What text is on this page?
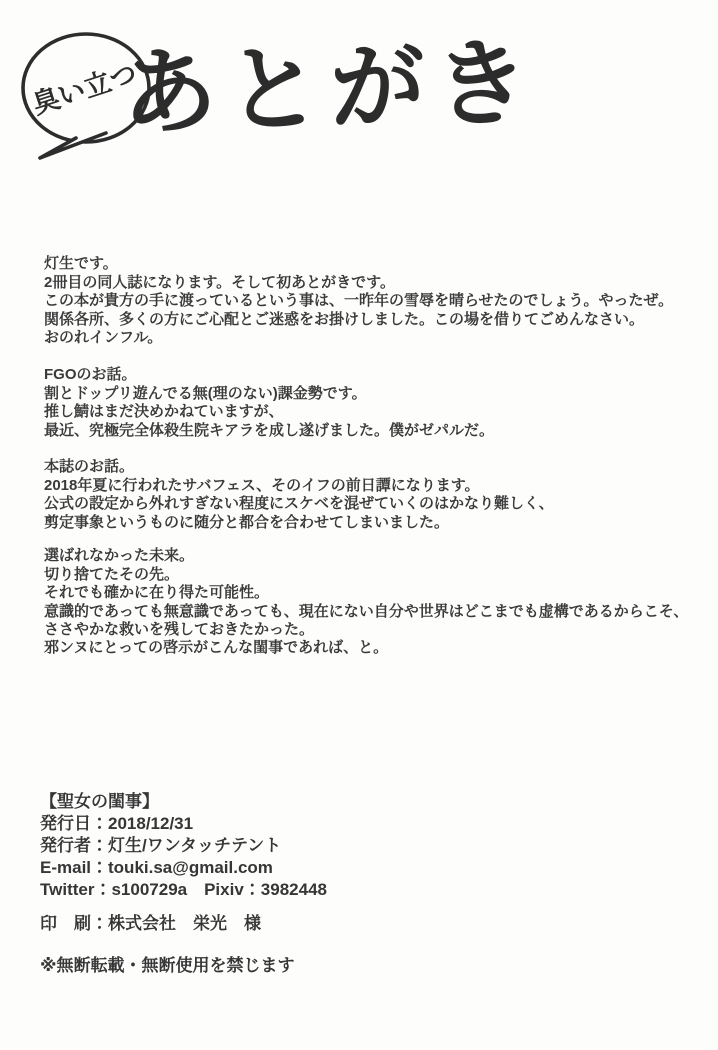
臭い立つ
あとがき
灯生です。
2冊目の同人誌になります。そして初あとがきです。
この本が貴方の手に渡っているという事は、一昨年の雪辱を晴らせたのでしょう。やったぜ。
関係各所、多くの方にご心配とご迷惑をお掛けしました。この場を借りてごめんなさい。
おのれインフル。
FGOのお話。
割とドップリ遊んでる無(理のない)課金勢です。
推し鯖はまだ決めかねていますが、
最近、究極完全体殺生院キアラを成し遂げました。僕がゼパルだ。
本誌のお話。
2018年夏に行われたサバフェス、そのイフの前日譚になります。
公式の設定から外れすぎない程度にスケベを混ぜていくのはかなり難しく、
剪定事象というものに随分と都合を合わせてしまいました。
選ばれなかった未来。
切り捨てたその先。
それでも確かに在り得た可能性。
意識的であっても無意識であっても、現在にない自分や世界はどこまでも虚構であるからこそ、
ささやかな救いを残しておきたかった。
邪ンヌにとっての啓示がこんな閨事であれば、と。
【聖女の閨事】
発行日：2018/12/31
発行者：灯生/ワンタッチテント
E-mail：touki.sa@gmail.com
Twitter：s100729a　Pixiv：3982448
印　刷：株式会社　栄光　様
※無断転載・無断使用を禁じます
